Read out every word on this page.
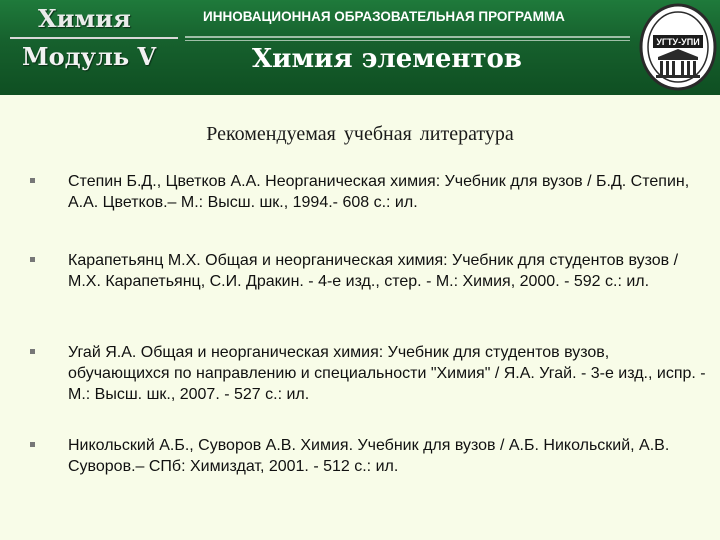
Химия
Модуль V
ИННОВАЦИОННАЯ ОБРАЗОВАТЕЛЬНАЯ ПРОГРАММА
Химия элементов
УГТУ-УПИ
Рекомендуемая учебная литература
Степин Б.Д., Цветков А.А. Неорганическая химия: Учебник для вузов / Б.Д. Степин, А.А. Цветков.– М.: Высш. шк., 1994.- 608 с.: ил.
Карапетьянц М.Х. Общая и неорганическая химия: Учебник для студентов вузов / М.Х. Карапетьянц, С.И. Дракин. - 4-е изд., стер. - М.: Химия, 2000. - 592 с.: ил.
Угай Я.А. Общая и неорганическая химия: Учебник для студентов вузов, обучающихся по направлению и специальности "Химия" / Я.А. Угай. - 3-е изд., испр. - М.: Высш. шк., 2007. - 527 с.: ил.
Никольский А.Б., Суворов А.В. Химия. Учебник для вузов / А.Б. Никольский, А.В. Суворов.– СПб: Химиздат, 2001. - 512 с.: ил.
